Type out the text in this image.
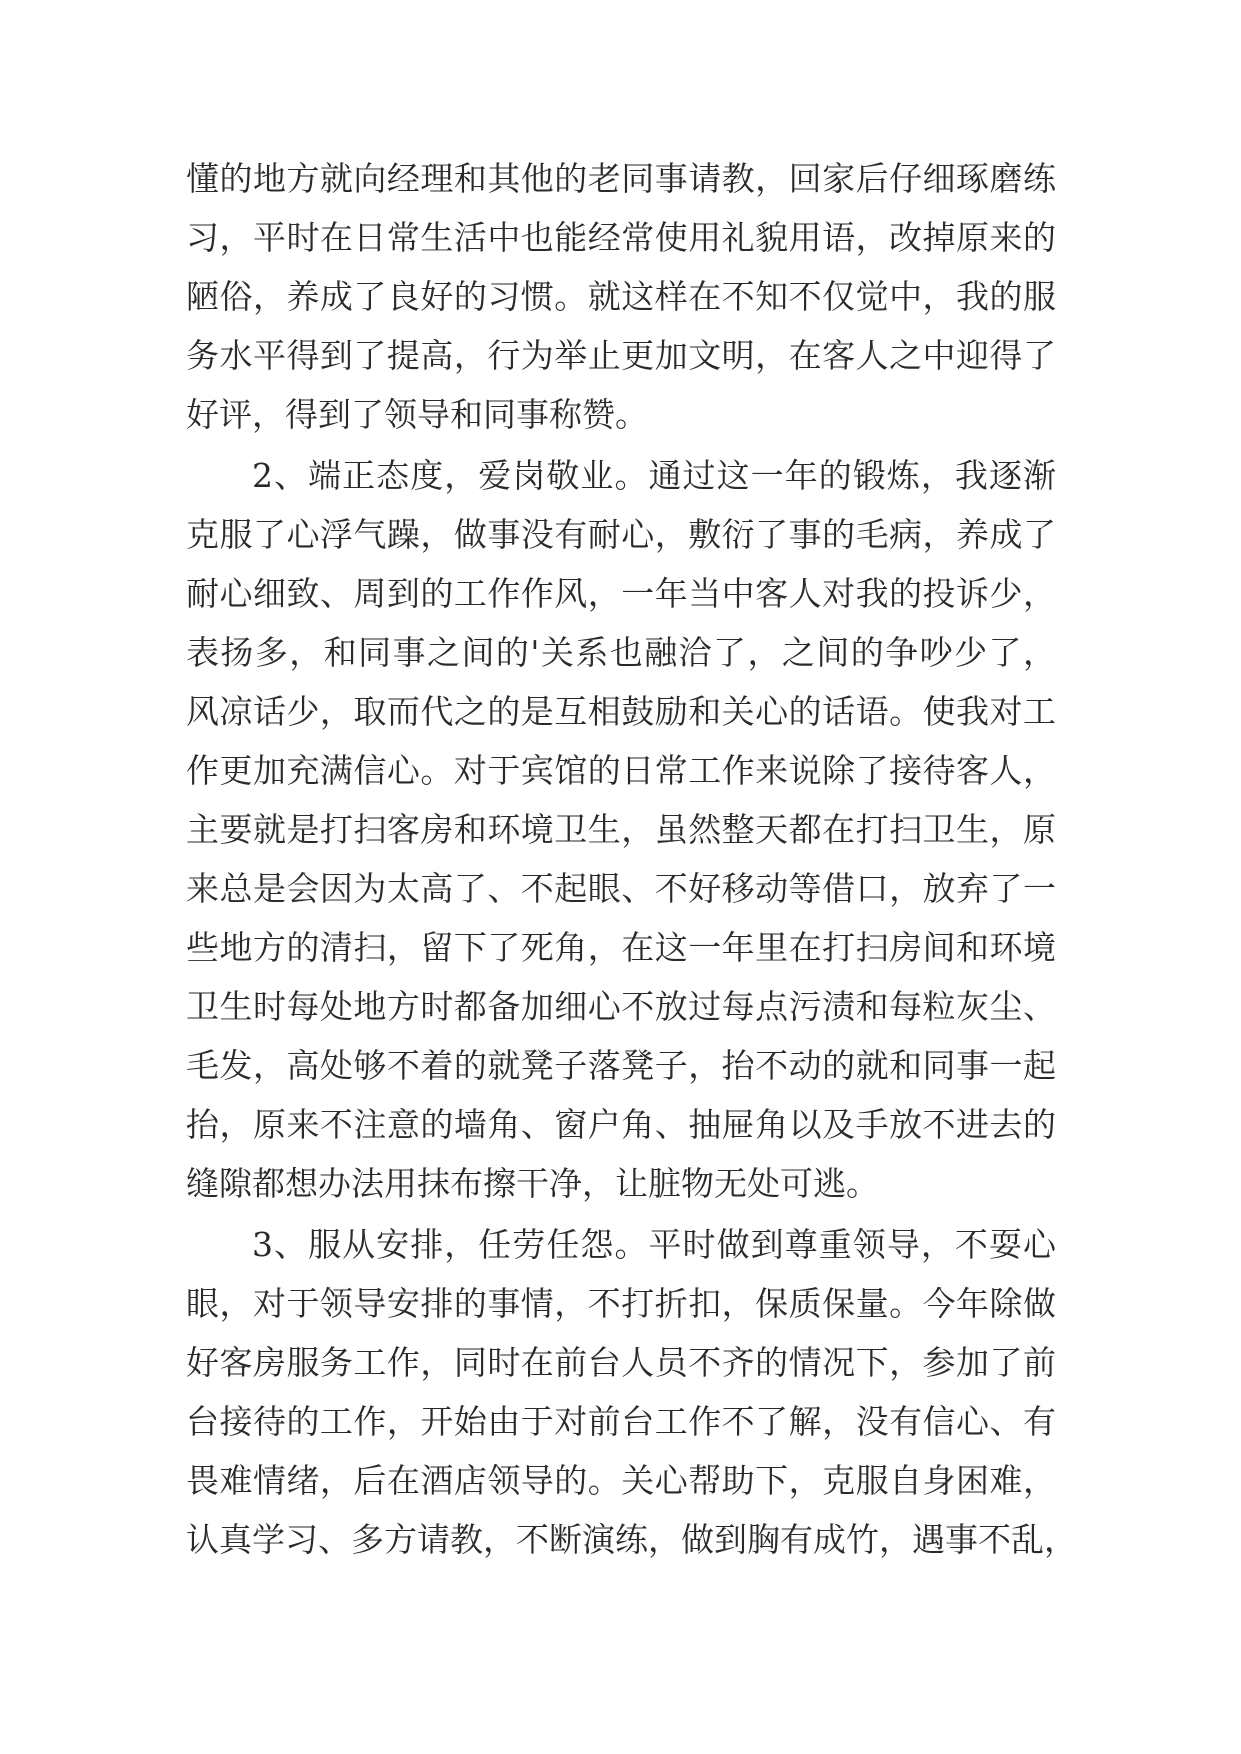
懂的地方就向经理和其他的老同事请教，回家后仔细琢磨练
习，平时在日常生活中也能经常使用礼貌用语，改掉原来的
陋俗，养成了良好的习惯。就这样在不知不仅觉中，我的服
务水平得到了提高，行为举止更加文明，在客人之中迎得了
好评，得到了领导和同事称赞。
2、端正态度，爱岗敬业。通过这一年的锻炼，我逐渐
克服了心浮气躁，做事没有耐心，敷衍了事的毛病，养成了
耐心细致、周到的工作作风，一年当中客人对我的投诉少，
表扬多，和同事之间的'关系也融洽了，之间的争吵少了，
风凉话少，取而代之的是互相鼓励和关心的话语。使我对工
作更加充满信心。对于宾馆的日常工作来说除了接待客人，
主要就是打扫客房和环境卫生，虽然整天都在打扫卫生，原
来总是会因为太高了、不起眼、不好移动等借口，放弃了一
些地方的清扫，留下了死角，在这一年里在打扫房间和环境
卫生时每处地方时都备加细心不放过每点污渍和每粒灰尘、
毛发，高处够不着的就凳子落凳子，抬不动的就和同事一起
抬，原来不注意的墙角、窗户角、抽屉角以及手放不进去的
缝隙都想办法用抹布擦干净，让脏物无处可逃。
3、服从安排，任劳任怨。平时做到尊重领导，不耍心
眼，对于领导安排的事情，不打折扣，保质保量。今年除做
好客房服务工作，同时在前台人员不齐的情况下，参加了前
台接待的工作，开始由于对前台工作不了解，没有信心、有
畏难情绪，后在酒店领导的。关心帮助下，克服自身困难，
认真学习、多方请教，不断演练，做到胸有成竹，遇事不乱，
